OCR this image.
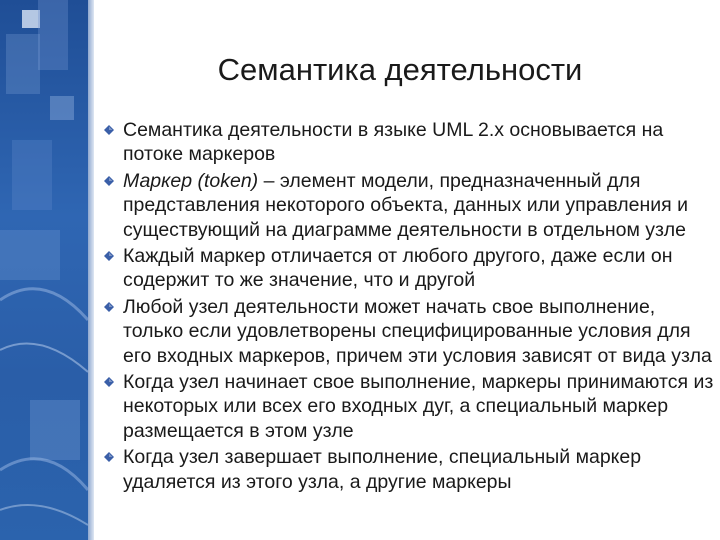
Семантика деятельности
Семантика деятельности в языке UML 2.x основывается на потоке маркеров
Маркер (token) – элемент модели, предназначенный для представления некоторого объекта, данных или управления и существующий на диаграмме деятельности в отдельном узле
Каждый маркер отличается от любого другого, даже если он содержит то же значение, что и другой
Любой узел деятельности может начать свое выполнение, только если удовлетворены специфицированные условия для его входных маркеров, причем эти условия зависят от вида узла
Когда узел начинает свое выполнение, маркеры принимаются из некоторых или всех его входных дуг, а специальный маркер размещается в этом узле
Когда узел завершает выполнение, специальный маркер удаляется из этого узла, а другие маркеры
